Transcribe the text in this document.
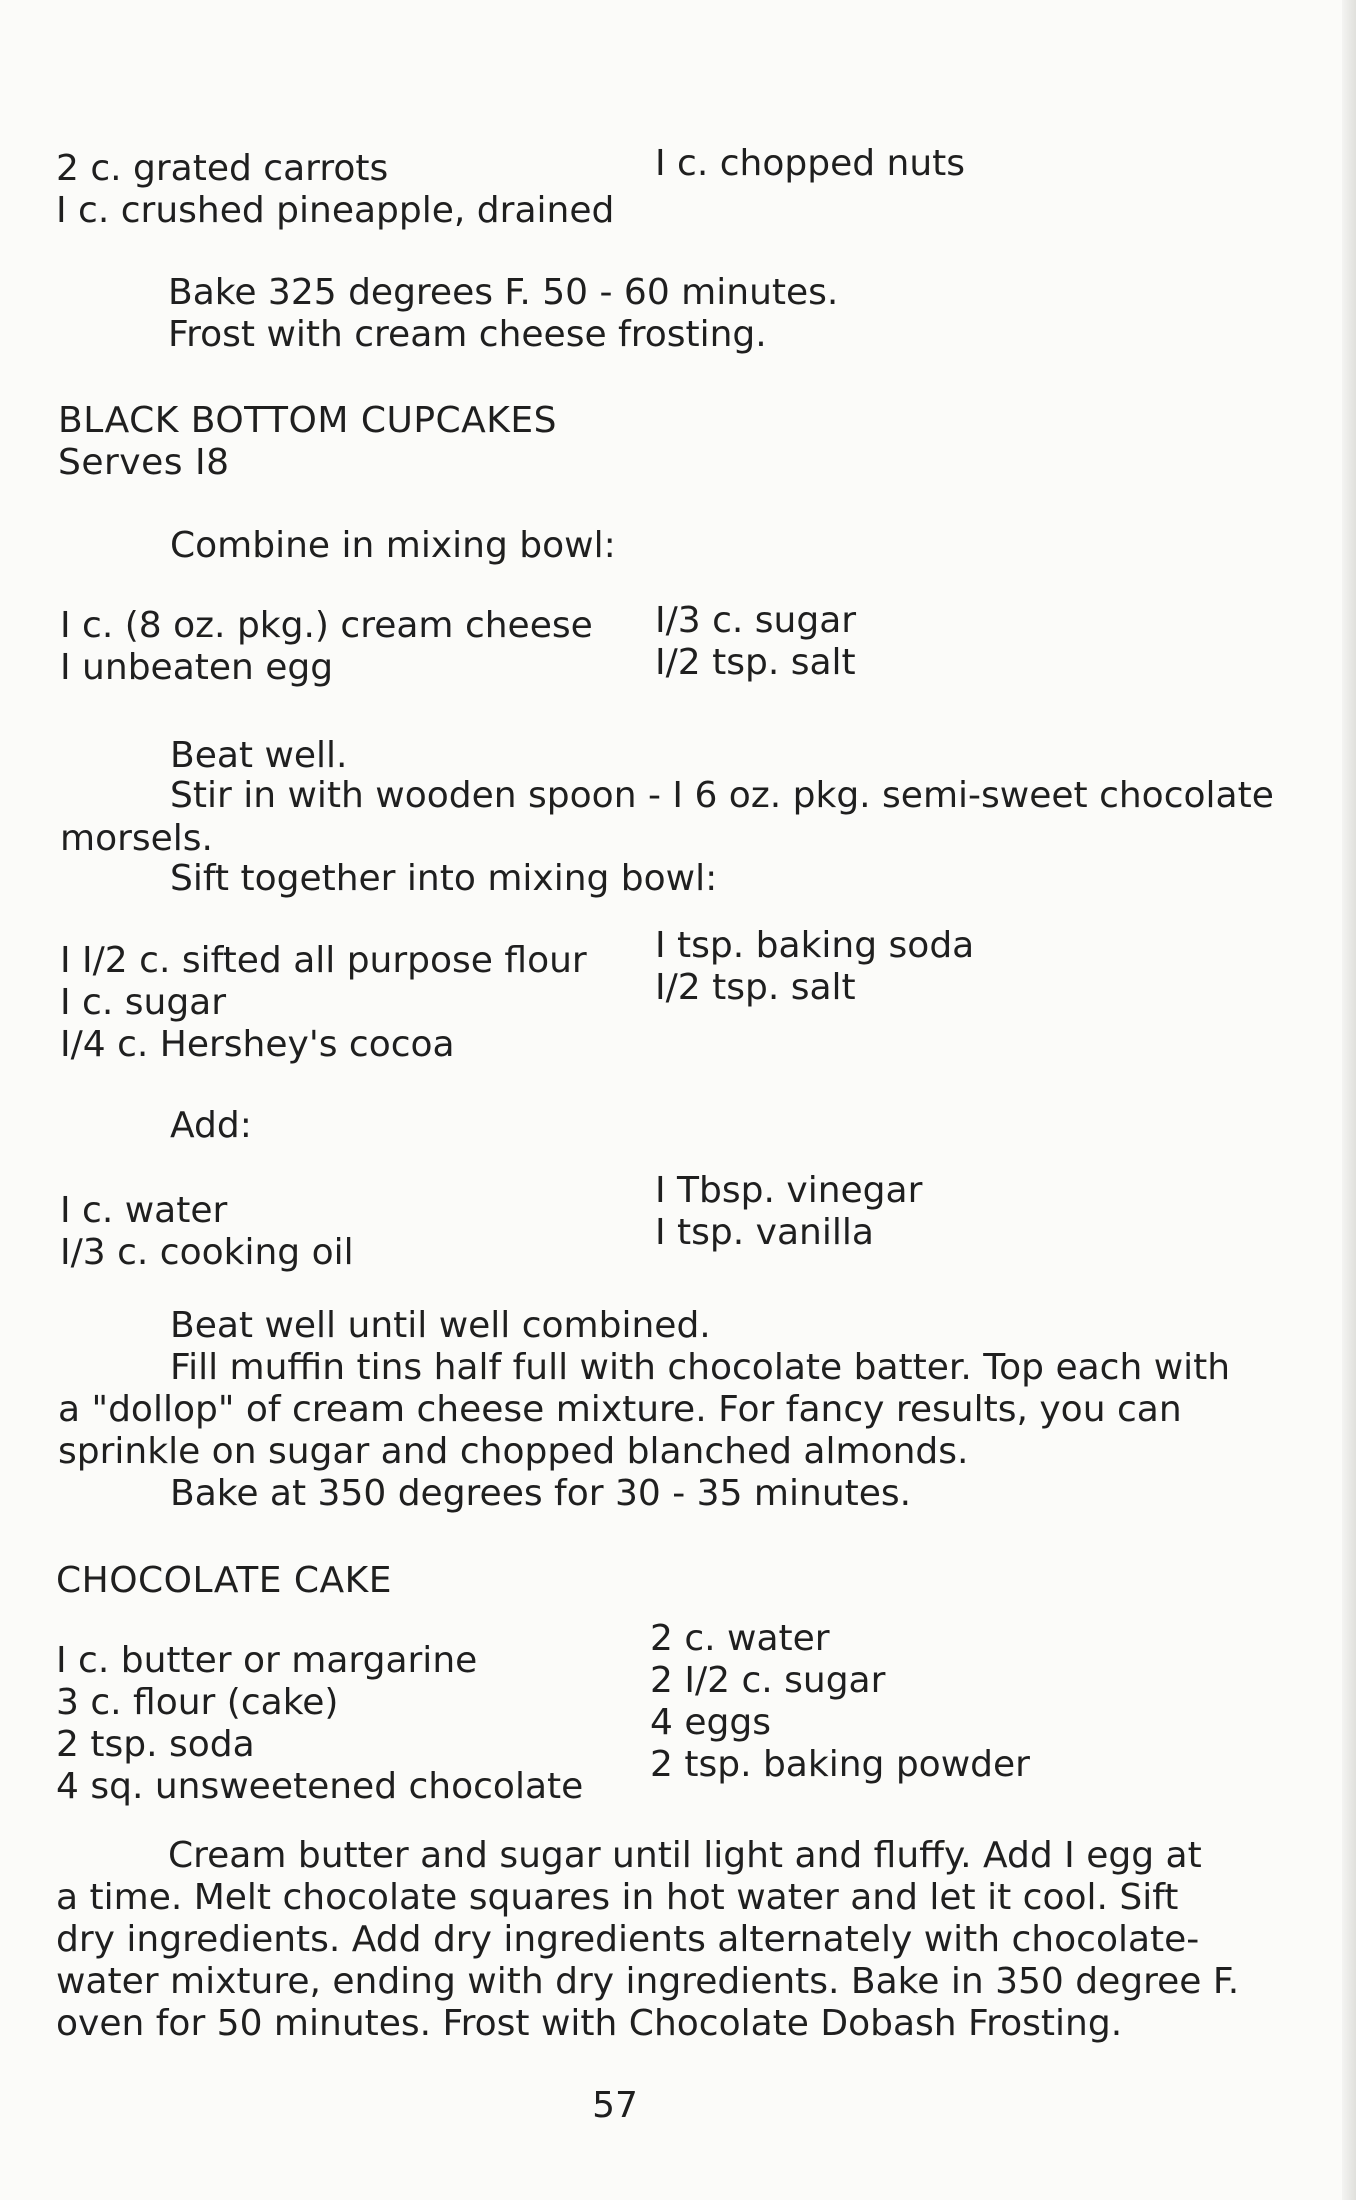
2 c. grated carrots
I c. crushed pineapple, drained
I c. chopped nuts
Bake 325 degrees F. 50 - 60 minutes.
Frost with cream cheese frosting.
BLACK BOTTOM CUPCAKES
Serves I8
Combine in mixing bowl:
I c. (8 oz. pkg.) cream cheese
I unbeaten egg
I/3 c. sugar
I/2 tsp. salt
Beat well.
Stir in with wooden spoon - I 6 oz. pkg. semi-sweet chocolate
morsels.
Sift together into mixing bowl:
I I/2 c. sifted all purpose flour
I c. sugar
I/4 c. Hershey's cocoa
I tsp. baking soda
I/2 tsp. salt
Add:
I c. water
I/3 c. cooking oil
I Tbsp. vinegar
I tsp. vanilla
Beat well until well combined.
Fill muffin tins half full with chocolate batter. Top each with
a "dollop" of cream cheese mixture. For fancy results, you can
sprinkle on sugar and chopped blanched almonds.
Bake at 350 degrees for 30 - 35 minutes.
CHOCOLATE CAKE
I c. butter or margarine
3 c. flour (cake)
2 tsp. soda
4 sq. unsweetened chocolate
2 c. water
2 I/2 c. sugar
4 eggs
2 tsp. baking powder
Cream butter and sugar until light and fluffy. Add I egg at
a time. Melt chocolate squares in hot water and let it cool. Sift
dry ingredients. Add dry ingredients alternately with chocolate-
water mixture, ending with dry ingredients. Bake in 350 degree F.
oven for 50 minutes. Frost with Chocolate Dobash Frosting.
57
